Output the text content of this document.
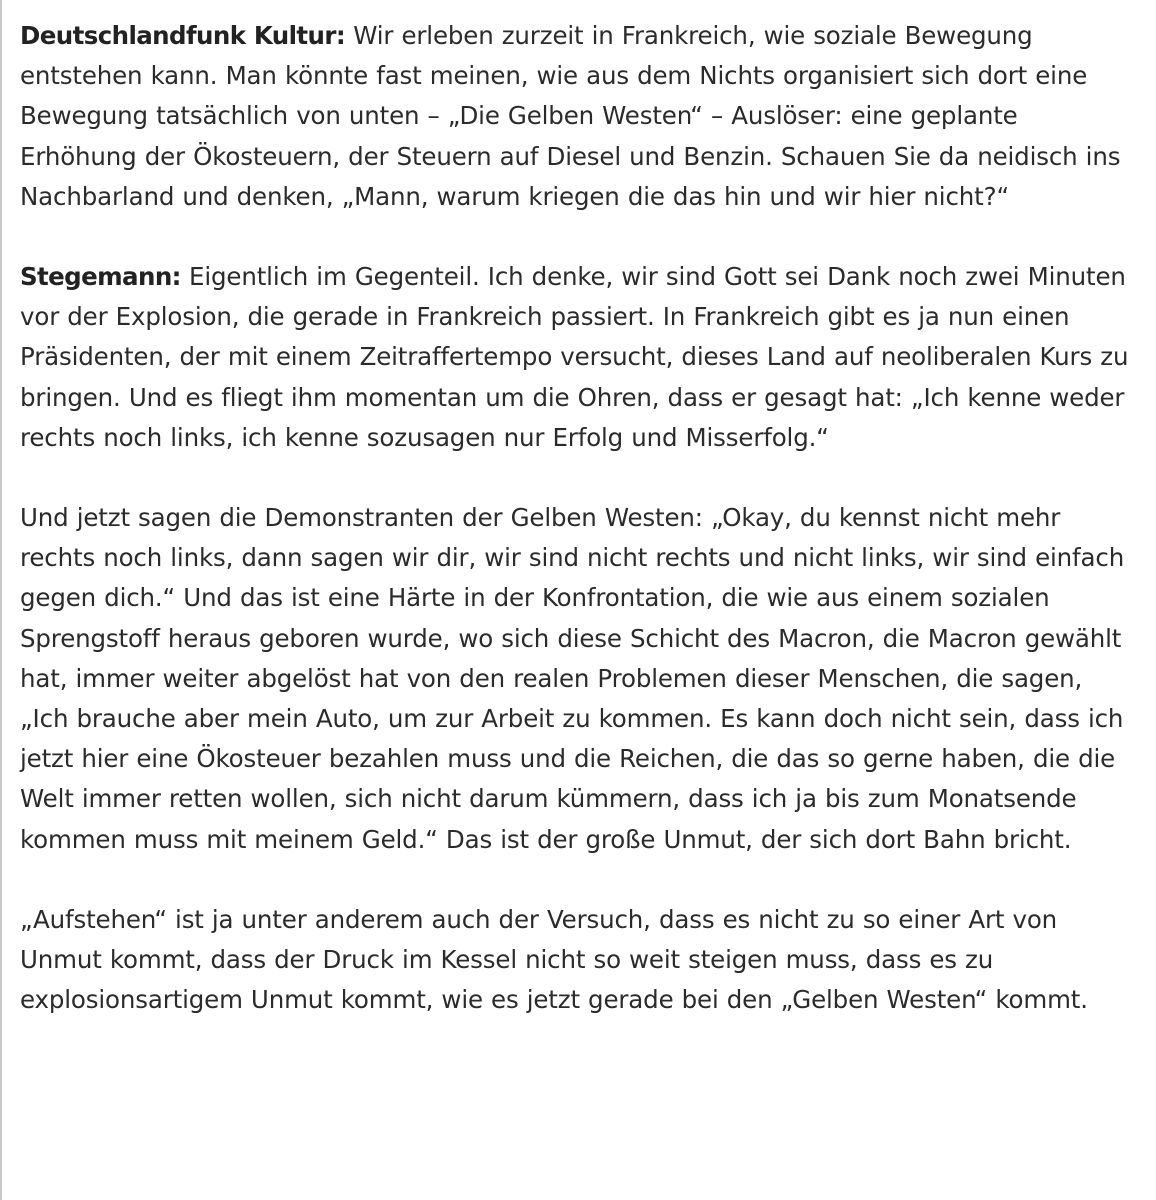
Deutschlandfunk Kultur: Wir erleben zurzeit in Frankreich, wie soziale Bewegung entstehen kann. Man könnte fast meinen, wie aus dem Nichts organisiert sich dort eine Bewegung tatsächlich von unten – „Die Gelben Westen“ – Auslöser: eine geplante Erhöhung der Ökosteuern, der Steuern auf Diesel und Benzin. Schauen Sie da neidisch ins Nachbarland und denken, „Mann, warum kriegen die das hin und wir hier nicht?“

Stegemann: Eigentlich im Gegenteil. Ich denke, wir sind Gott sei Dank noch zwei Minuten vor der Explosion, die gerade in Frankreich passiert. In Frankreich gibt es ja nun einen Präsidenten, der mit einem Zeitraffertempo versucht, dieses Land auf neoliberalen Kurs zu bringen. Und es fliegt ihm momentan um die Ohren, dass er gesagt hat: „Ich kenne weder rechts noch links, ich kenne sozusagen nur Erfolg und Misserfolg.“

Und jetzt sagen die Demonstranten der Gelben Westen: „Okay, du kennst nicht mehr rechts noch links, dann sagen wir dir, wir sind nicht rechts und nicht links, wir sind einfach gegen dich.“ Und das ist eine Härte in der Konfrontation, die wie aus einem sozialen Sprengstoff heraus geboren wurde, wo sich diese Schicht des Macron, die Macron gewählt hat, immer weiter abgelöst hat von den realen Problemen dieser Menschen, die sagen, „Ich brauche aber mein Auto, um zur Arbeit zu kommen. Es kann doch nicht sein, dass ich jetzt hier eine Ökosteuer bezahlen muss und die Reichen, die das so gerne haben, die die Welt immer retten wollen, sich nicht darum kümmern, dass ich ja bis zum Monatsende kommen muss mit meinem Geld.“ Das ist der große Unmut, der sich dort Bahn bricht.

„Aufstehen“ ist ja unter anderem auch der Versuch, dass es nicht zu so einer Art von Unmut kommt, dass der Druck im Kessel nicht so weit steigen muss, dass es zu explosionsartigem Unmut kommt, wie es jetzt gerade bei den „Gelben Westen“ kommt.
